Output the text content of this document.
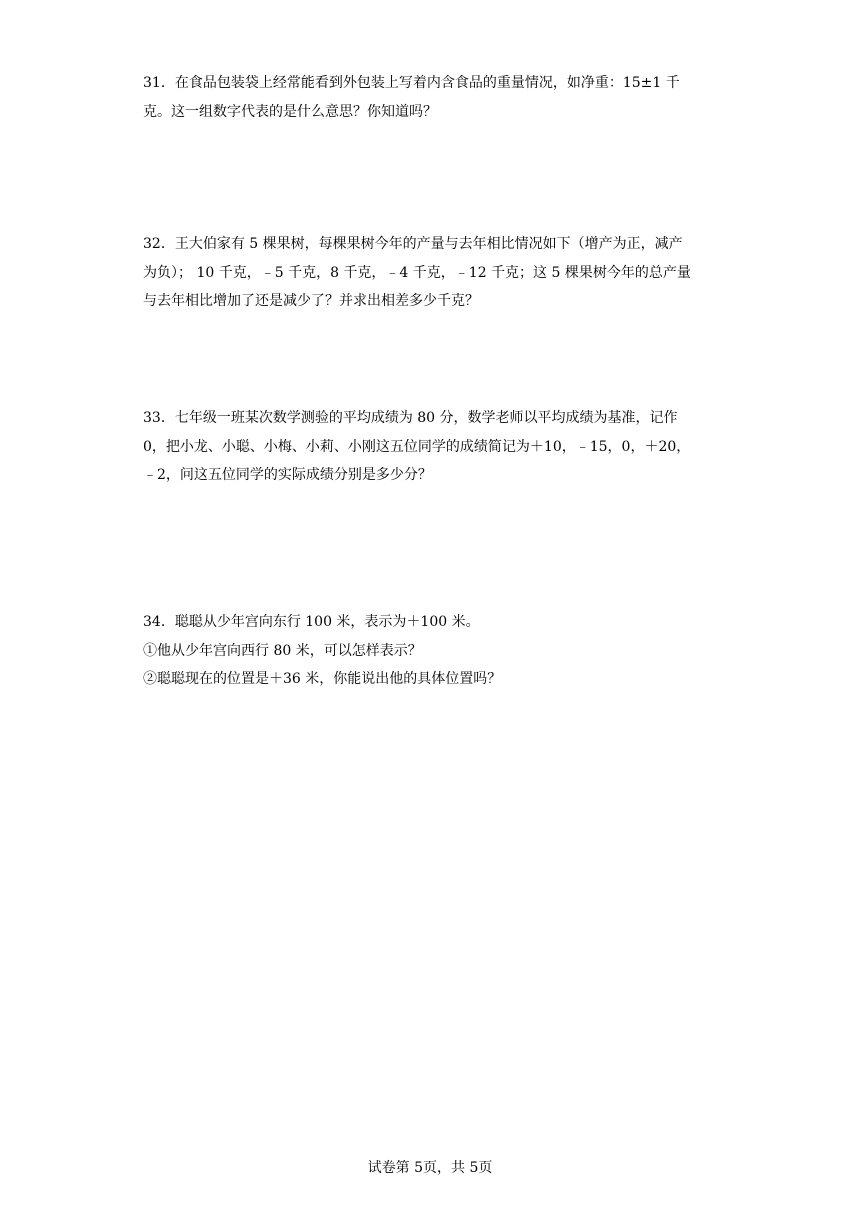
31．在食品包装袋上经常能看到外包装上写着内含食品的重量情况，如净重：15±1 千
克。这一组数字代表的是什么意思？你知道吗？
32．王大伯家有 5 棵果树，每棵果树今年的产量与去年相比情况如下（增产为正，减产
为负）； 10 千克，﹣5 千克，8 千克，﹣4 千克，﹣12 千克；这 5 棵果树今年的总产量
与去年相比增加了还是减少了？并求出相差多少千克？
33．七年级一班某次数学测验的平均成绩为 80 分，数学老师以平均成绩为基准，记作
0，把小龙、小聪、小梅、小莉、小刚这五位同学的成绩简记为＋10，﹣15，0，＋20，
﹣2，问这五位同学的实际成绩分别是多少分？
34．聪聪从少年宫向东行 100 米，表示为＋100 米。
①他从少年宫向西行 80 米，可以怎样表示？
②聪聪现在的位置是＋36 米，你能说出他的具体位置吗？
试卷第 5页，共 5页
